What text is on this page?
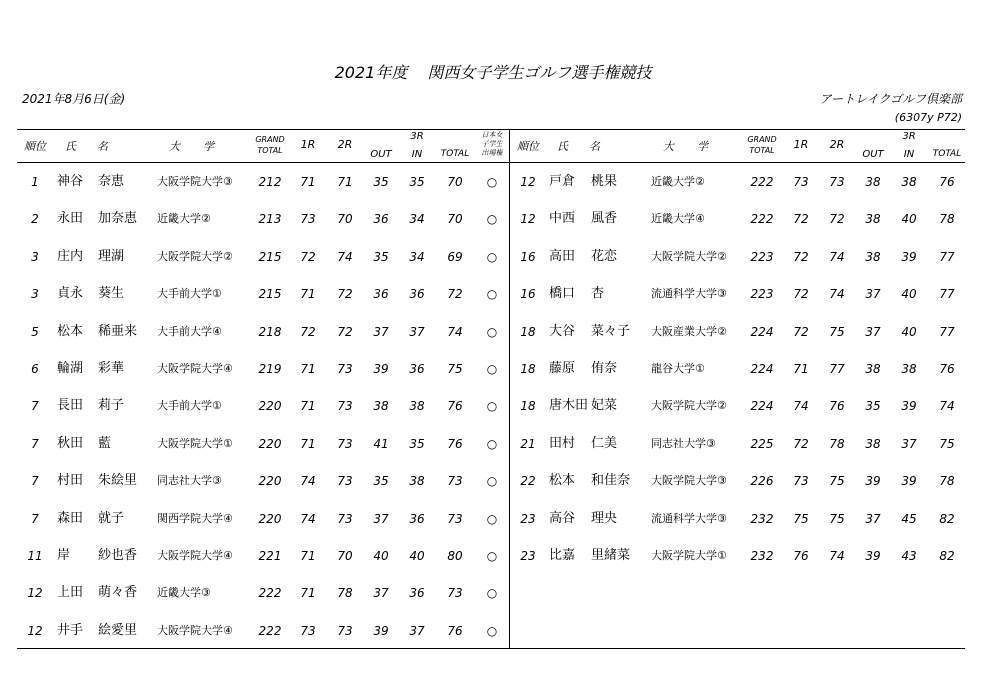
2021年度 関西女子学生ゴルフ選手権競技
2021年8月6日(金)	アートレイクゴルフ倶楽部
(6307y P72)
順位 氏 名	大 学
GRAND
TOTAL	1R	2R
3R
OUT	IN	TOTAL
日本女
子学生
出場権	順位 氏 名	大 学
GRAND
TOTAL	1R	2R
3R
OUT	IN	TOTAL
1	神谷 奈恵	大阪学院大学③	212	71	71	35	35	70	○
2	永田 加奈恵 近畿大学②	213	73	70	36	34	70	○
3	庄内 理湖	大阪学院大学②	215	72	74	35	34	69	○
3	貞永 葵生	大手前大学①	215	71	72	36	36	72	○
5	松本 稀亜来 大手前大学④	218	72	72	37	37	74	○
6	輪湖 彩華	大阪学院大学④	219	71	73	39	36	75	○
7	長田 莉子	大手前大学①	220	71	73	38	38	76	○
7	秋田 藍	大阪学院大学①	220	71	73	41	35	76	○
7	村田 朱絵里 同志社大学③	220	74	73	35	38	73	○
7	森田 就子	関西学院大学④	220	74	73	37	36	73	○
11	岸 紗也香 大阪学院大学④	221	71	70	40	40	80	○
12	上田 萌々香 近畿大学③	222	71	78	37	36	73	○
12	井手 絵愛里 大阪学院大学④	222	73	73	39	37	76	○
12	戸倉 桃果	近畿大学②	222	73	73	38	38	76
12	中西 風香	近畿大学④	222	72	72	38	40	78
16	高田 花恋	大阪学院大学②	223	72	74	38	39	77
16	橋口 杏	流通科学大学③	223	72	74	37	40	77
18	大谷 菜々子 大阪産業大学②	224	72	75	37	40	77
18	藤原 侑奈	龍谷大学①	224	71	77	38	38	76
18	唐木田 妃菜	大阪学院大学②	224	74	76	35	39	74
21	田村 仁美	同志社大学③	225	72	78	38	37	75
22	松本 和佳奈 大阪学院大学③	226	73	75	39	39	78
23	高谷 理央	流通科学大学③	232	75	75	37	45	82
23	比嘉 里緒菜 大阪学院大学①	232	76	74	39	43	82
